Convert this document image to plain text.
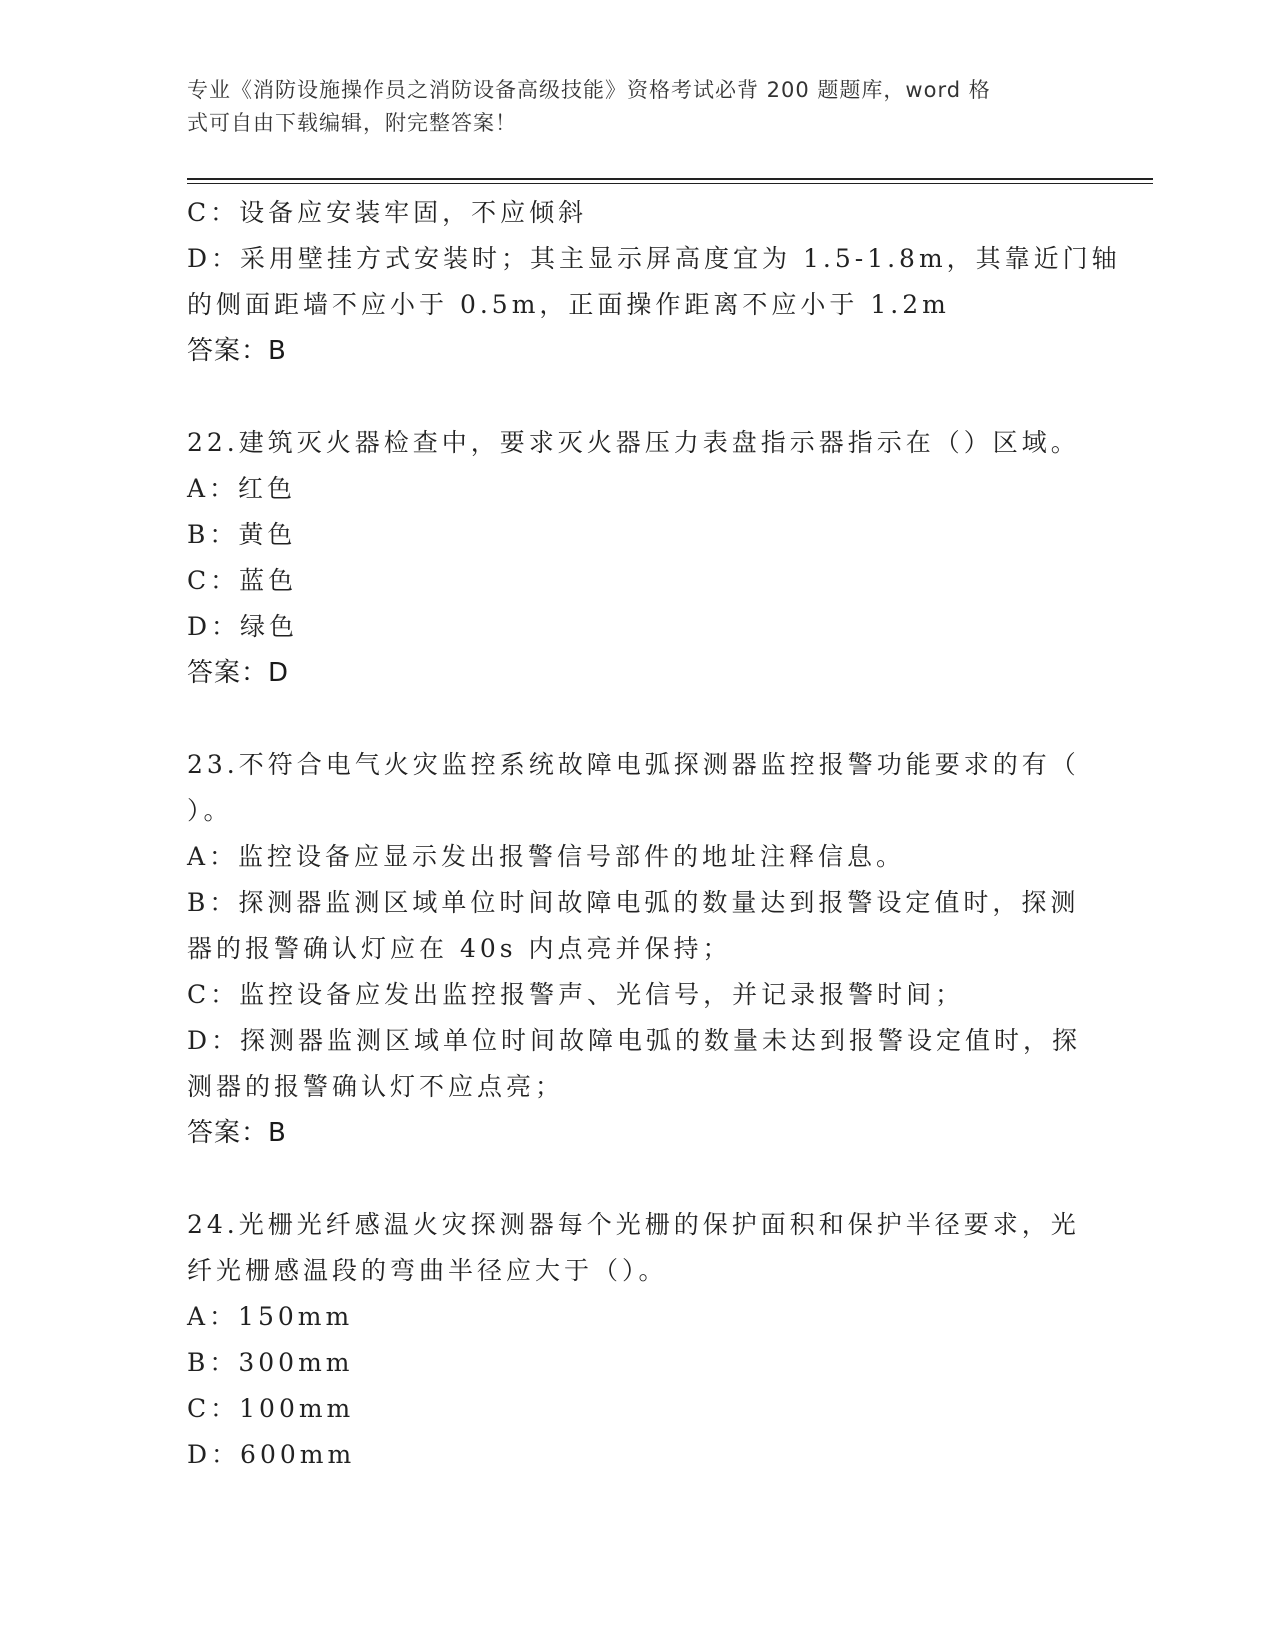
专业《消防设施操作员之消防设备高级技能》资格考试必背 200 题题库，word 格
式可自由下载编辑，附完整答案！
C：设备应安装牢固，不应倾斜
D：采用壁挂方式安装时；其主显示屏高度宜为 1.5-1.8m，其靠近门轴
的侧面距墙不应小于 0.5m，正面操作距离不应小于 1.2m
答案：B
22.建筑灭火器检查中，要求灭火器压力表盘指示器指示在（）区域。
A：红色
B：黄色
C：蓝色
D：绿色
答案：D
23.不符合电气火灾监控系统故障电弧探测器监控报警功能要求的有（
）。
A：监控设备应显示发出报警信号部件的地址注释信息。
B：探测器监测区域单位时间故障电弧的数量达到报警设定值时，探测
器的报警确认灯应在 40s 内点亮并保持；
C：监控设备应发出监控报警声、光信号，并记录报警时间；
D：探测器监测区域单位时间故障电弧的数量未达到报警设定值时，探
测器的报警确认灯不应点亮；
答案：B
24.光栅光纤感温火灾探测器每个光栅的保护面积和保护半径要求，光
纤光栅感温段的弯曲半径应大于（）。
A：150mm
B：300mm
C：100mm
D：600mm
